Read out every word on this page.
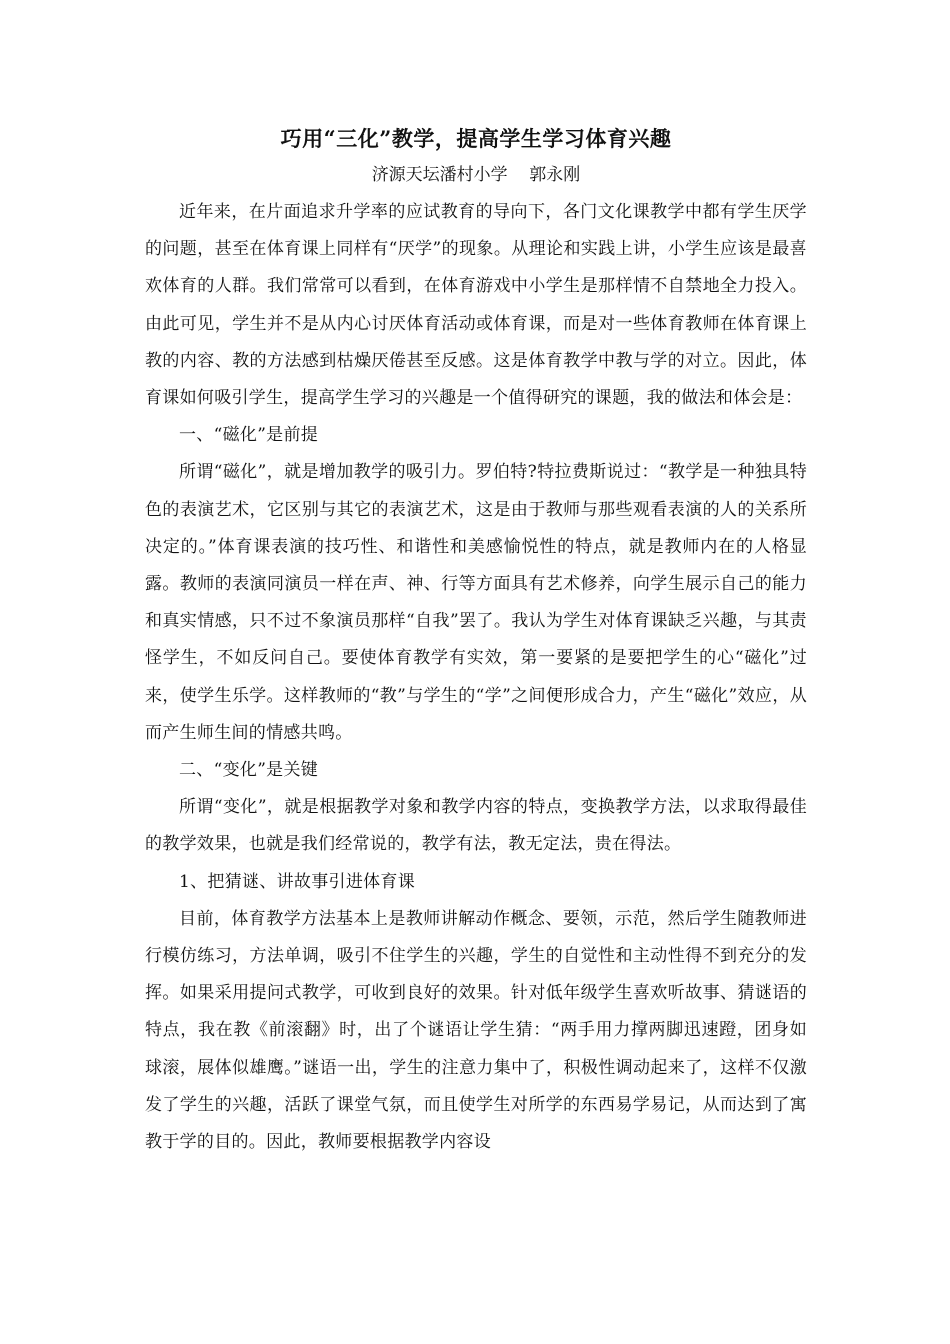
巧用“三化”教学，提高学生学习体育兴趣

济源天坛潘村小学    郭永刚

近年来，在片面追求升学率的应试教育的导向下，各门文化课教学中都有学生厌学的问题，甚至在体育课上同样有“厌学”的现象。从理论和实践上讲，小学生应该是最喜欢体育的人群。我们常常可以看到，在体育游戏中小学生是那样情不自禁地全力投入。由此可见，学生并不是从内心讨厌体育活动或体育课，而是对一些体育教师在体育课上教的内容、教的方法感到枯燥厌倦甚至反感。这是体育教学中教与学的对立。因此，体育课如何吸引学生，提高学生学习的兴趣是一个值得研究的课题，我的做法和体会是：

一、“磁化”是前提

所谓“磁化”，就是增加教学的吸引力。罗伯特?特拉费斯说过：“教学是一种独具特色的表演艺术，它区别与其它的表演艺术，这是由于教师与那些观看表演的人的关系所决定的。”体育课表演的技巧性、和谐性和美感愉悦性的特点，就是教师内在的人格显露。教师的表演同演员一样在声、神、行等方面具有艺术修养，向学生展示自己的能力和真实情感，只不过不象演员那样“自我”罢了。我认为学生对体育课缺乏兴趣，与其责怪学生，不如反问自己。要使体育教学有实效，第一要紧的是要把学生的心“磁化”过来，使学生乐学。这样教师的“教”与学生的“学”之间便形成合力，产生“磁化”效应，从而产生师生间的情感共鸣。

二、“变化”是关键

所谓“变化”，就是根据教学对象和教学内容的特点，变换教学方法，以求取得最佳的教学效果，也就是我们经常说的，教学有法，教无定法，贵在得法。

1、把猜谜、讲故事引进体育课

目前，体育教学方法基本上是教师讲解动作概念、要领，示范，然后学生随教师进行模仿练习，方法单调，吸引不住学生的兴趣，学生的自觉性和主动性得不到充分的发挥。如果采用提问式教学，可收到良好的效果。针对低年级学生喜欢听故事、猜谜语的特点，我在教《前滚翻》时，出了个谜语让学生猜：“两手用力撑两脚迅速蹬，团身如球滚，展体似雄鹰。”谜语一出，学生的注意力集中了，积极性调动起来了，这样不仅激发了学生的兴趣，活跃了课堂气氛，而且使学生对所学的东西易学易记，从而达到了寓教于学的目的。因此，教师要根据教学内容设
